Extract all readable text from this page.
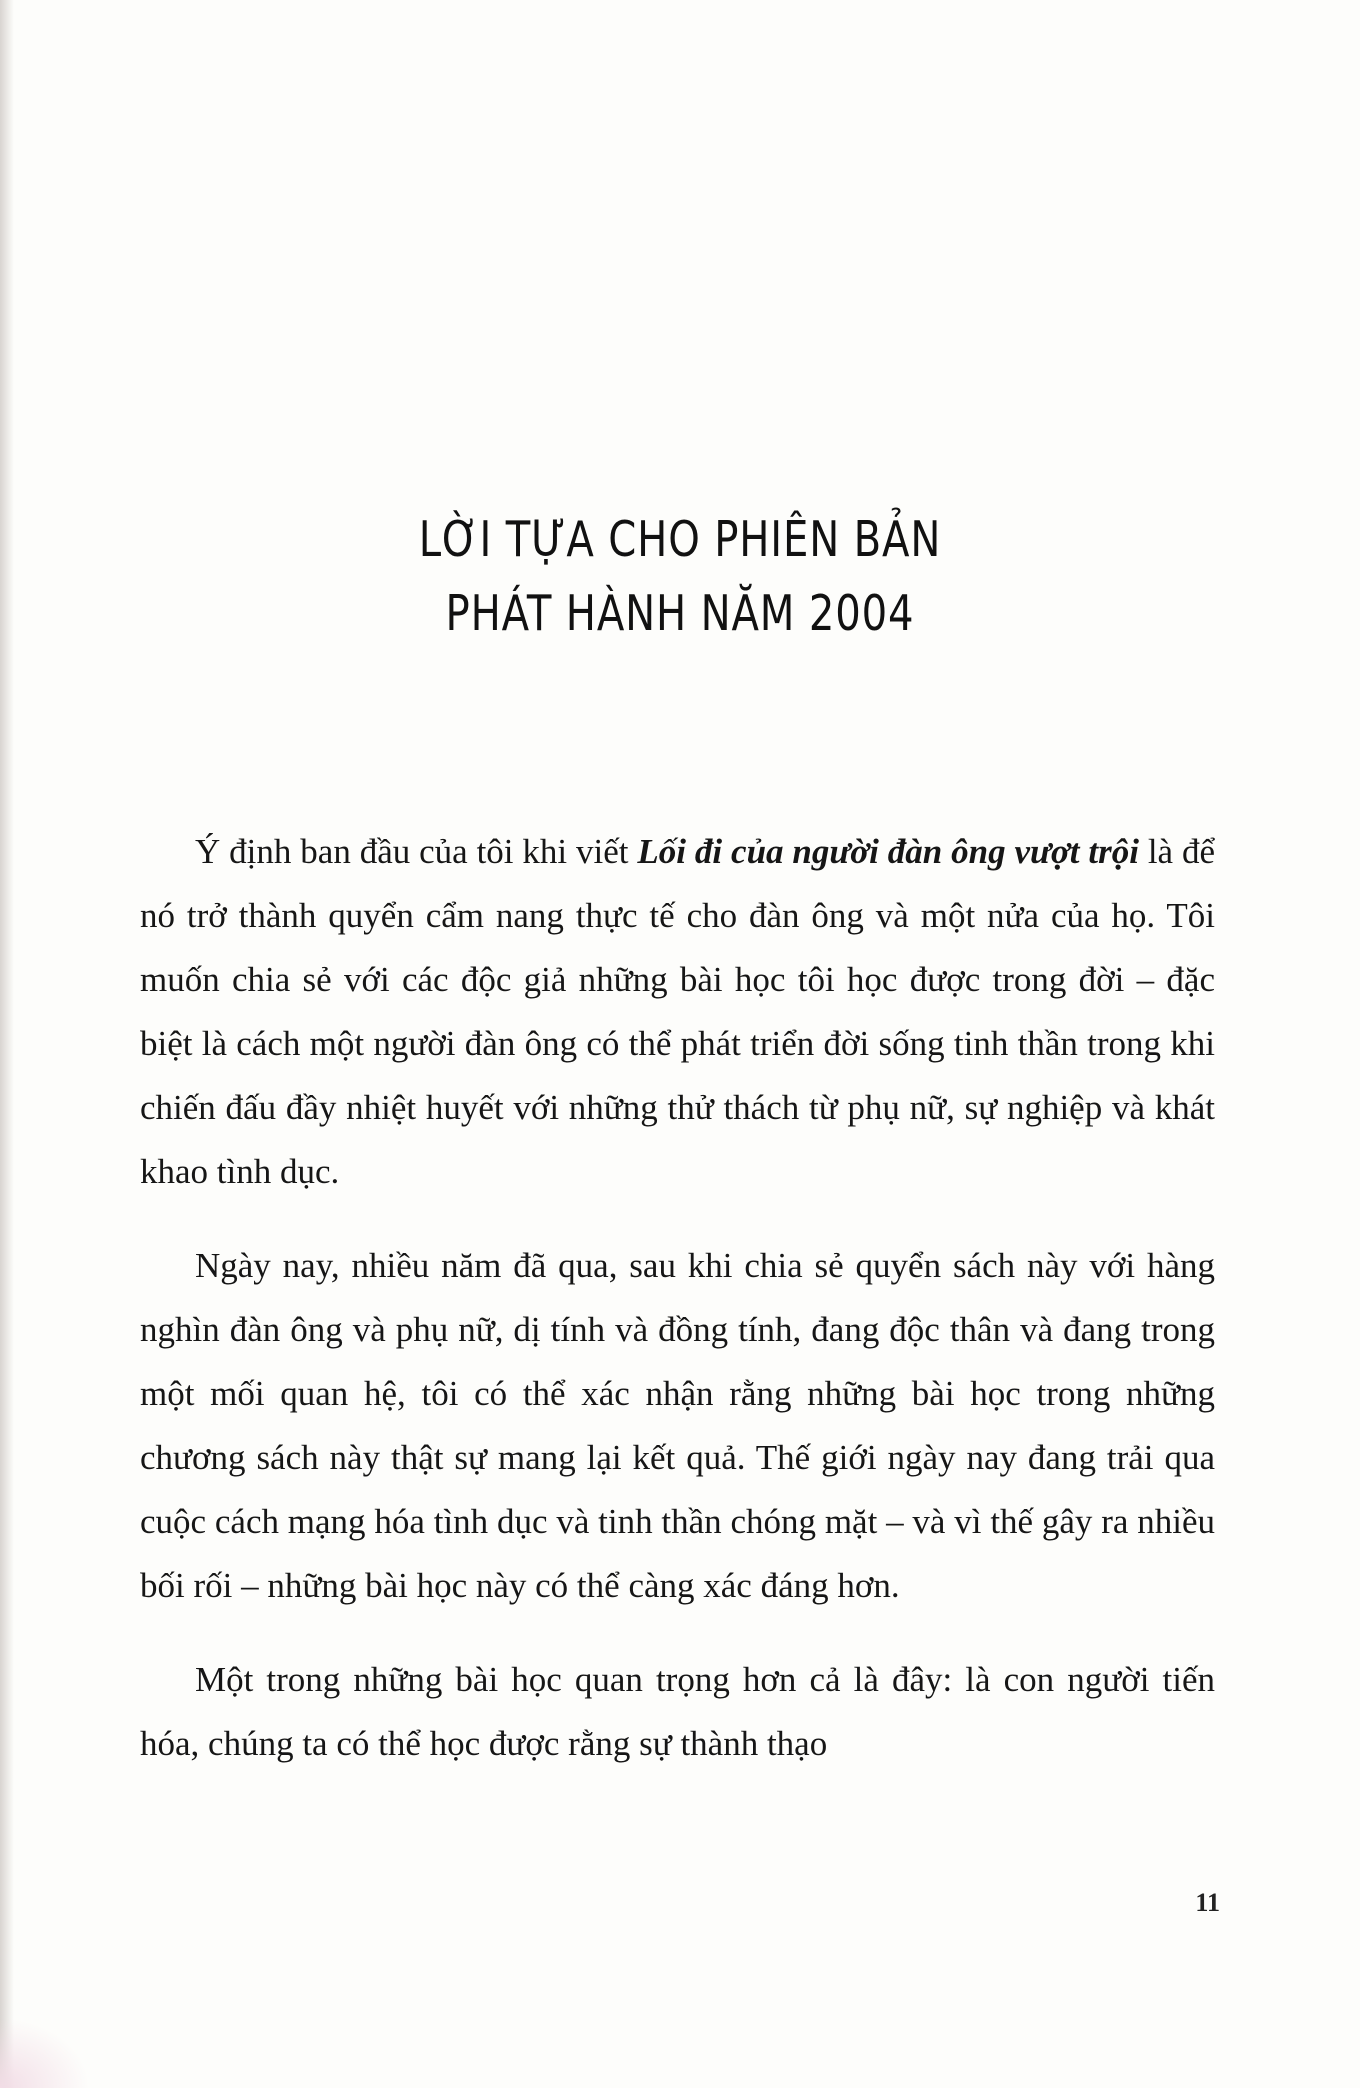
LỜI TỰA CHO PHIÊN BẢN
PHÁT HÀNH NĂM 2004

Ý định ban đầu của tôi khi viết Lối đi của người đàn ông vượt trội là để nó trở thành quyển cẩm nang thực tế cho đàn ông và một nửa của họ. Tôi muốn chia sẻ với các độc giả những bài học tôi học được trong đời – đặc biệt là cách một người đàn ông có thể phát triển đời sống tinh thần trong khi chiến đấu đầy nhiệt huyết với những thử thách từ phụ nữ, sự nghiệp và khát khao tình dục.

Ngày nay, nhiều năm đã qua, sau khi chia sẻ quyển sách này với hàng nghìn đàn ông và phụ nữ, dị tính và đồng tính, đang độc thân và đang trong một mối quan hệ, tôi có thể xác nhận rằng những bài học trong những chương sách này thật sự mang lại kết quả. Thế giới ngày nay đang trải qua cuộc cách mạng hóa tình dục và tinh thần chóng mặt – và vì thế gây ra nhiều bối rối – những bài học này có thể càng xác đáng hơn.

Một trong những bài học quan trọng hơn cả là đây: là con người tiến hóa, chúng ta có thể học được rằng sự thành thạo

11
